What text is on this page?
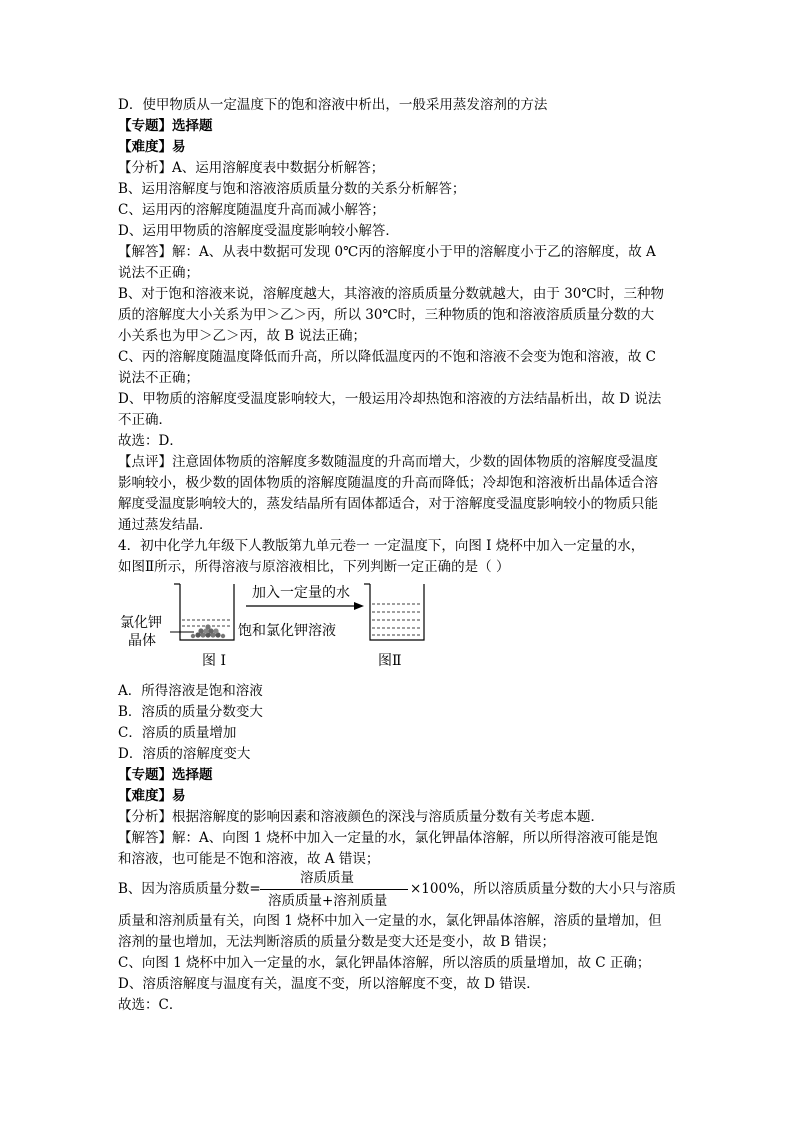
D．使甲物质从一定温度下的饱和溶液中析出，一般采用蒸发溶剂的方法
【专题】选择题
【难度】易
【分析】A、运用溶解度表中数据分析解答；
B、运用溶解度与饱和溶液溶质质量分数的关系分析解答；
C、运用丙的溶解度随温度升高而减小解答；
D、运用甲物质的溶解度受温度影响较小解答．
【解答】解：A、从表中数据可发现 0℃丙的溶解度小于甲的溶解度小于乙的溶解度，故 A
说法不正确；
B、对于饱和溶液来说，溶解度越大，其溶液的溶质质量分数就越大，由于 30℃时，三种物
质的溶解度大小关系为甲＞乙＞丙，所以 30℃时，三种物质的饱和溶液溶质质量分数的大
小关系也为甲＞乙＞丙，故 B 说法正确；
C、丙的溶解度随温度降低而升高，所以降低温度丙的不饱和溶液不会变为饱和溶液，故 C
说法不正确；
D、甲物质的溶解度受温度影响较大，一般运用冷却热饱和溶液的方法结晶析出，故 D 说法
不正确．
故选：D．
【点评】注意固体物质的溶解度多数随温度的升高而增大，少数的固体物质的溶解度受温度
影响较小，极少数的固体物质的溶解度随温度的升高而降低；冷却饱和溶液析出晶体适合溶
解度受温度影响较大的，蒸发结晶所有固体都适合，对于溶解度受温度影响较小的物质只能
通过蒸发结晶．
4．初中化学九年级下人教版第九单元卷一 一定温度下，向图 I 烧杯中加入一定量的水，
如图Ⅱ所示，所得溶液与原溶液相比，下列判断一定正确的是（ ）
加入一定量的水
氯化钾
晶体
饱和氯化钾溶液
图 I	图Ⅱ
A．所得溶液是饱和溶液
B．溶质的质量分数变大
C．溶质的质量增加
D．溶质的溶解度变大
【专题】选择题
【难度】易
【分析】根据溶解度的影响因素和溶液颜色的深浅与溶质质量分数有关考虑本题．
【解答】解：A、向图 1 烧杯中加入一定量的水，氯化钾晶体溶解，所以所得溶液可能是饱
和溶液，也可能是不饱和溶液，故 A 错误；
B、因为溶质质量分数=
溶质质量
溶质质量+溶剂质量
×100%，所以溶质质量分数的大小只与溶质
质量和溶剂质量有关，向图 1 烧杯中加入一定量的水，氯化钾晶体溶解，溶质的量增加，但
溶剂的量也增加，无法判断溶质的质量分数是变大还是变小，故 B 错误；
C、向图 1 烧杯中加入一定量的水，氯化钾晶体溶解，所以溶质的质量增加，故 C 正确；
D、溶质溶解度与温度有关，温度不变，所以溶解度不变，故 D 错误．
故选：C．
